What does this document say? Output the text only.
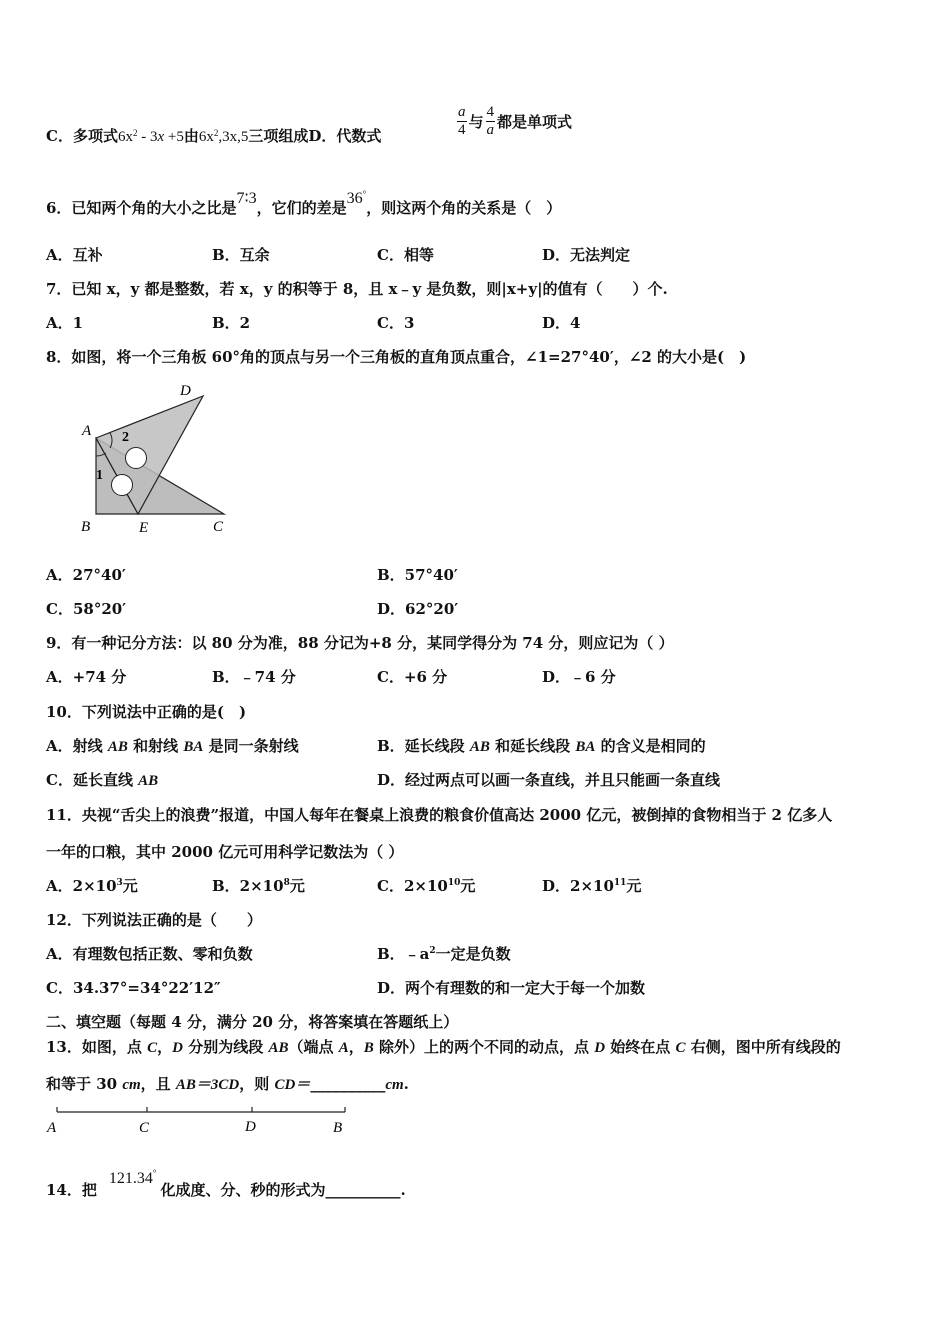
C．多项式$6x^2 - 3x +5$由$6x^2,3x,5$三项组成D．代数式	$\frac{a}{4}$ 与 $\frac{4}{a}$ 都是单项式
6．已知两个角的大小之比是7∶3，它们的差是36°，则这两个角的关系是（　）
A．互补	B．互余	C．相等	D．无法判定
7．已知 x，y 都是整数，若 x，y 的积等于 8，且 x﹣y 是负数，则|x+y|的值有（　　）个.
A．1	B．2	C．3	D．4
8．如图，将一个三角板 60°角的顶点与另一个三角板的直角顶点重合，∠1=27°40′，∠2 的大小是(　)
D
A 2
1
B	E	C
A．27°40′	B．57°40′
C．58°20′	D．62°20′
9．有一种记分方法：以 80 分为准，88 分记为+8 分，某同学得分为 74 分，则应记为（ ）
A．+74 分	B．﹣74 分	C．+6 分	D．﹣6 分
10．下列说法中正确的是(　)
A．射线 AB 和射线 BA 是同一条射线	B．延长线段 AB 和延长线段 BA 的含义是相同的
C．延长直线 AB	D．经过两点可以画一条直线，并且只能画一条直线
11．央视“舌尖上的浪费”报道，中国人每年在餐桌上浪费的粮食价值高达 2000 亿元，被倒掉的食物相当于 2 亿多人
一年的口粮，其中 2000 亿元可用科学记数法为（ ）
A．$2\times 10^3$元	B．$2\times 10^8$元	C．$2\times 10^{10}$元	D．$2\times 10^{11}$元
12．下列说法正确的是（　　）
A．有理数包括正数、零和负数	B．$﹣a^2$一定是负数
C．34.37°=34°22′12″	D．两个有理数的和一定大于每一个加数
二、填空题（每题 4 分，满分 20 分，将答案填在答题纸上）
13．如图，点 C，D 分别为线段 AB（端点 A，B 除外）上的两个不同的动点，点 D 始终在点 C 右侧，图中所有线段的
和等于 30 cm，且 AB＝3CD，则 CD＝__________cm.
A	C	D	B
14．把121.34°化成度、分、秒的形式为__________.
